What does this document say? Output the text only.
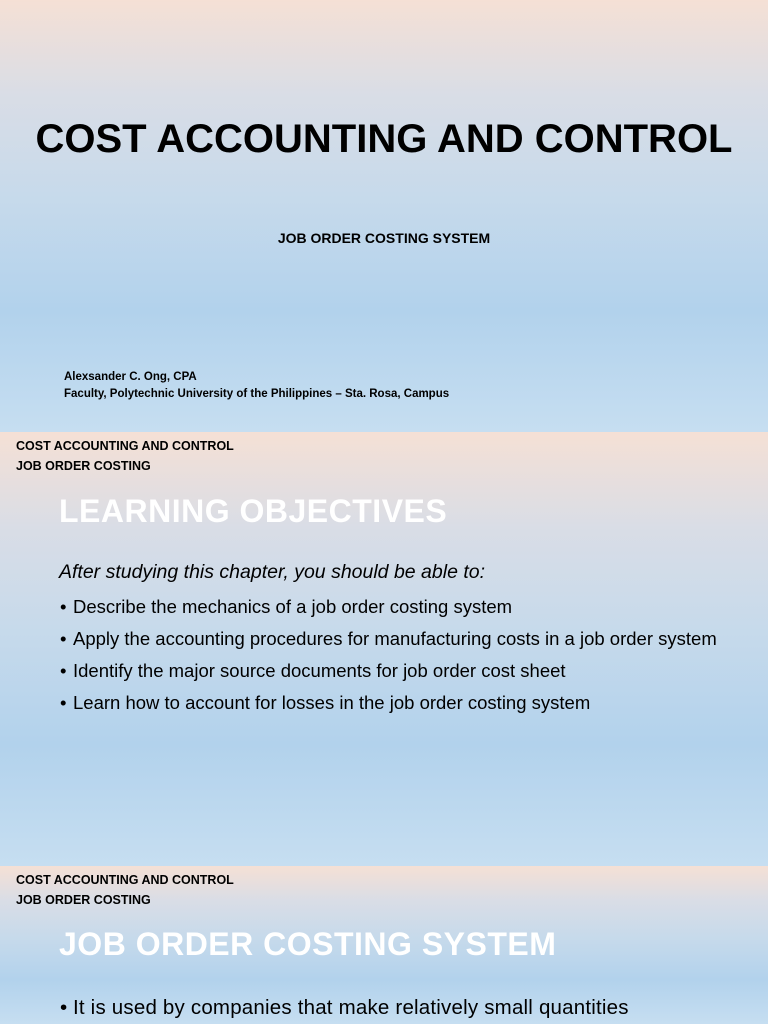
COST ACCOUNTING AND CONTROL
JOB ORDER COSTING SYSTEM
Alexsander C. Ong, CPA
Faculty, Polytechnic University of the Philippines – Sta. Rosa, Campus
COST ACCOUNTING AND CONTROL
JOB ORDER COSTING
LEARNING OBJECTIVES
After studying this chapter, you should be able to:
• Describe the mechanics of a job order costing system
• Apply the accounting procedures for manufacturing costs in a job order system
• Identify the major source documents for job order cost sheet
• Learn how to account for losses in the job order costing system
COST ACCOUNTING AND CONTROL
JOB ORDER COSTING
JOB ORDER COSTING SYSTEM
• It is used by companies that make relatively small quantities
